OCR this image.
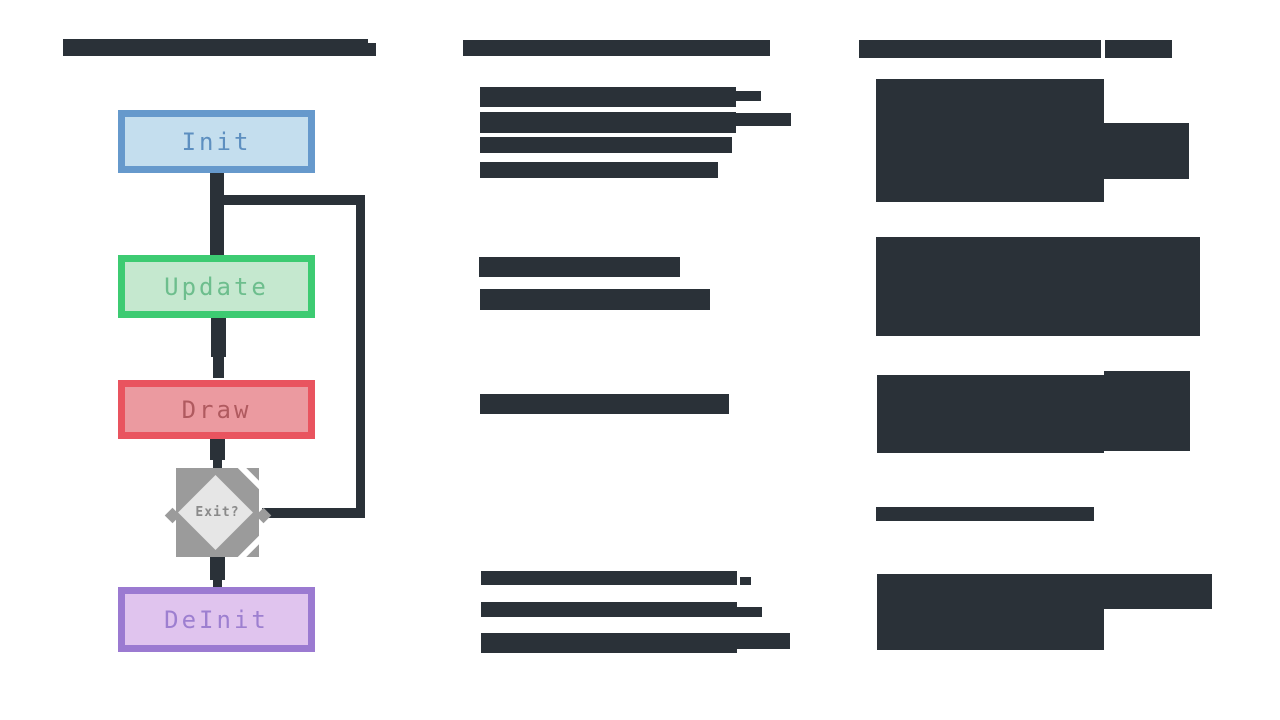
Init
Update
Draw
DeInit
Exit?
